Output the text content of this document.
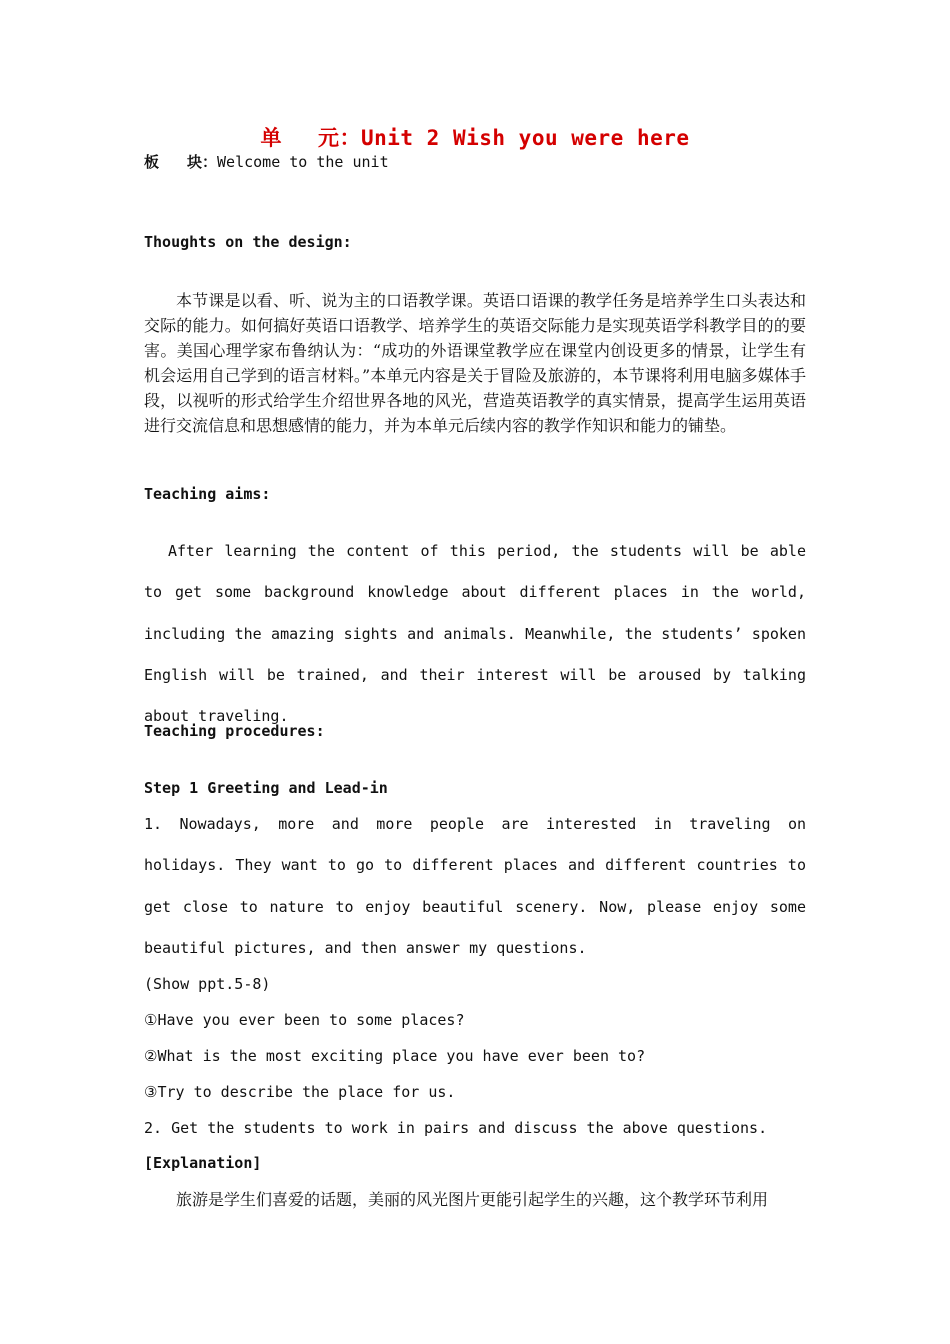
单 元：Unit 2 Wish you were here
板 块：Welcome to the unit
Thoughts on the design:

本节课是以看、听、说为主的口语教学课。英语口语课的教学任务是培养学生口头表达和交际的能力。如何搞好英语口语教学、培养学生的英语交际能力是实现英语学科教学目的的要害。美国心理学家布鲁纳认为：“成功的外语课堂教学应在课堂内创设更多的情景，让学生有机会运用自己学到的语言材料。”本单元内容是关于冒险及旅游的，本节课将利用电脑多媒体手段，以视听的形式给学生介绍世界各地的风光，营造英语教学的真实情景，提高学生运用英语进行交流信息和思想感情的能力，并为本单元后续内容的教学作知识和能力的铺垫。

Teaching aims:

After learning the content of this period, the students will be able to get some background knowledge about different places in the world, including the amazing sights and animals. Meanwhile, the students’ spoken English will be trained, and their interest will be aroused by talking about traveling.

Teaching procedures:
Step 1 Greeting and Lead-in

1. Nowadays, more and more people are interested in traveling on holidays. They want to go to different places and different countries to get close to nature to enjoy beautiful scenery. Now, please enjoy some beautiful pictures, and then answer my questions.

(Show ppt.5-8)
①Have you ever been to some places?
②What is the most exciting place you have ever been to?
③Try to describe the place for us.
2. Get the students to work in pairs and discuss the above questions.
[Explanation]

旅游是学生们喜爱的话题，美丽的风光图片更能引起学生的兴趣，这个教学环节利用
